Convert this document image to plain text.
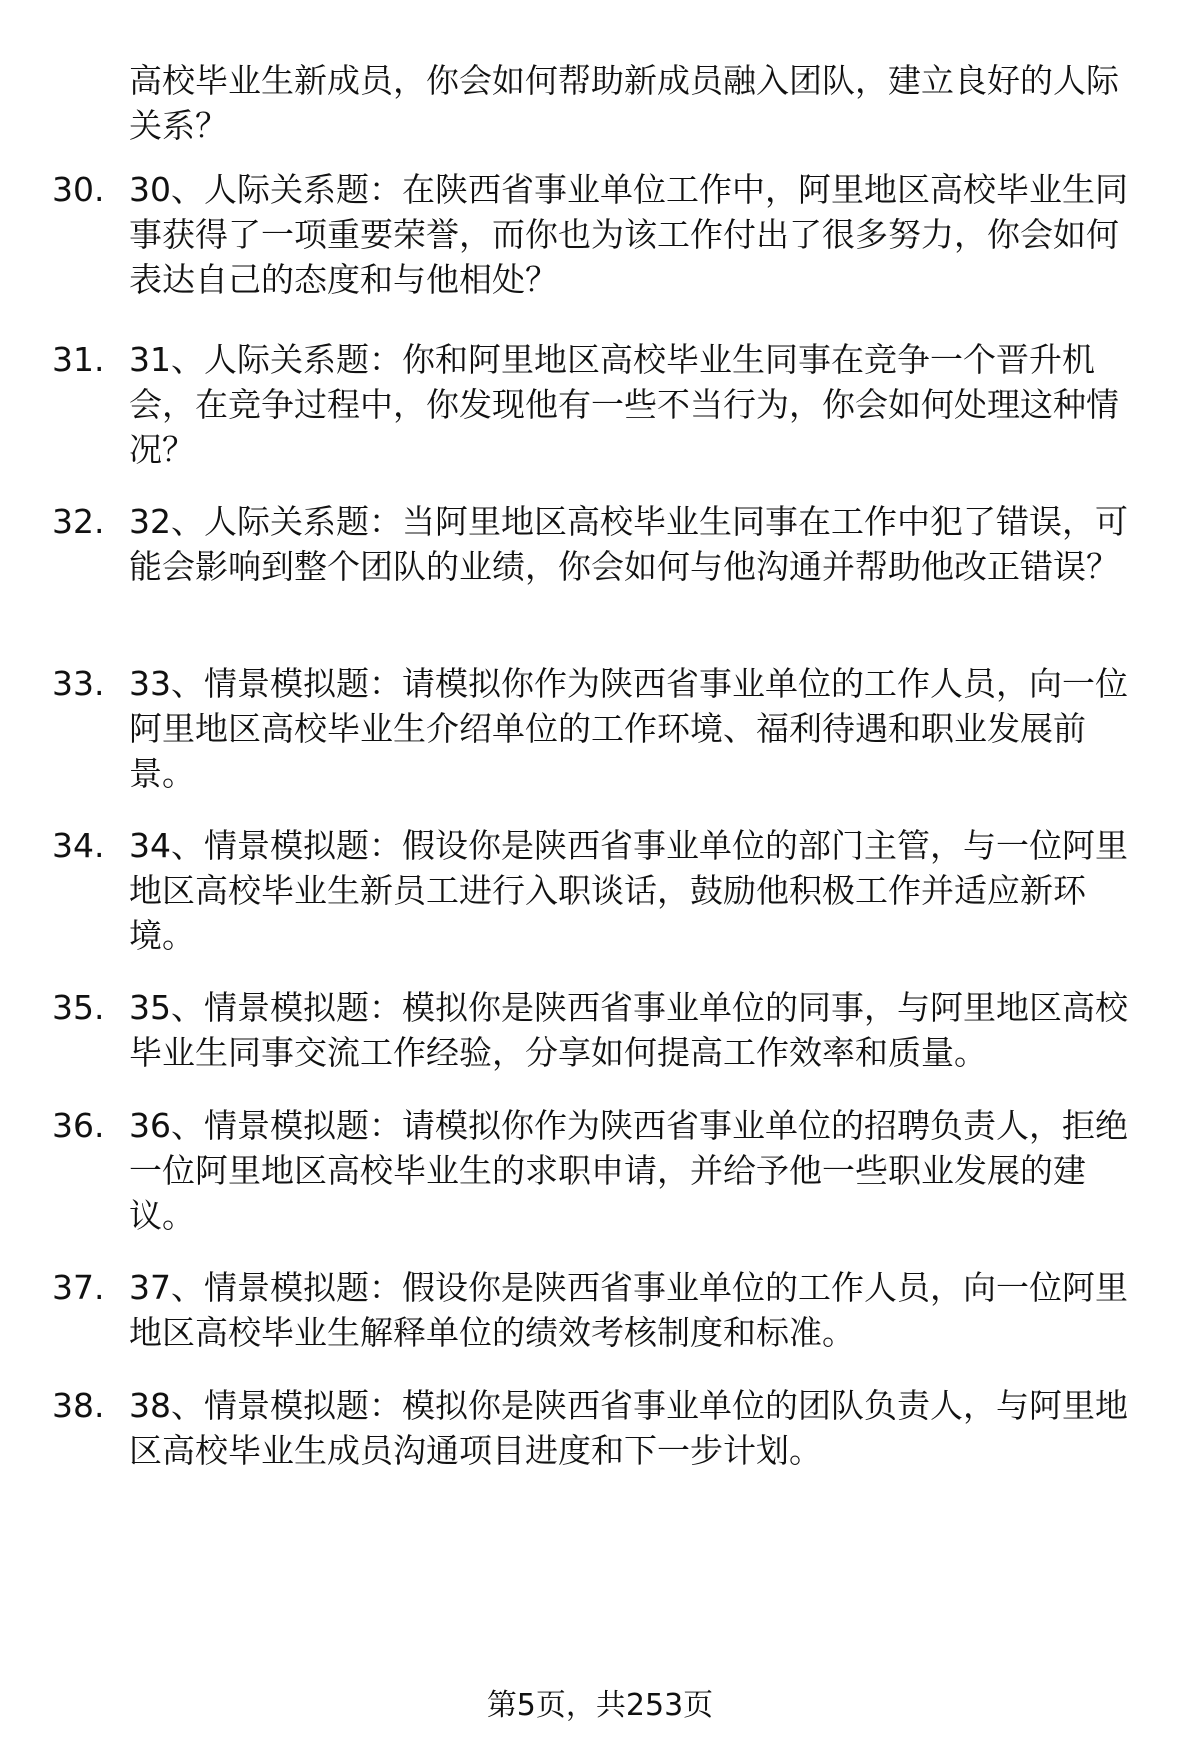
高校毕业生新成员，你会如何帮助新成员融入团队，建立良好的人际关系？
30. 30、人际关系题：在陕西省事业单位工作中，阿里地区高校毕业生同事获得了一项重要荣誉，而你也为该工作付出了很多努力，你会如何表达自己的态度和与他相处？
31. 31、人际关系题：你和阿里地区高校毕业生同事在竞争一个晋升机会，在竞争过程中，你发现他有一些不当行为，你会如何处理这种情况？
32. 32、人际关系题：当阿里地区高校毕业生同事在工作中犯了错误，可能会影响到整个团队的业绩，你会如何与他沟通并帮助他改正错误？
33. 33、情景模拟题：请模拟你作为陕西省事业单位的工作人员，向一位阿里地区高校毕业生介绍单位的工作环境、福利待遇和职业发展前景。
34. 34、情景模拟题：假设你是陕西省事业单位的部门主管，与一位阿里地区高校毕业生新员工进行入职谈话，鼓励他积极工作并适应新环境。
35. 35、情景模拟题：模拟你是陕西省事业单位的同事，与阿里地区高校毕业生同事交流工作经验，分享如何提高工作效率和质量。
36. 36、情景模拟题：请模拟你作为陕西省事业单位的招聘负责人，拒绝一位阿里地区高校毕业生的求职申请，并给予他一些职业发展的建议。
37. 37、情景模拟题：假设你是陕西省事业单位的工作人员，向一位阿里地区高校毕业生解释单位的绩效考核制度和标准。
38. 38、情景模拟题：模拟你是陕西省事业单位的团队负责人，与阿里地区高校毕业生成员沟通项目进度和下一步计划。
第5页，共253页
